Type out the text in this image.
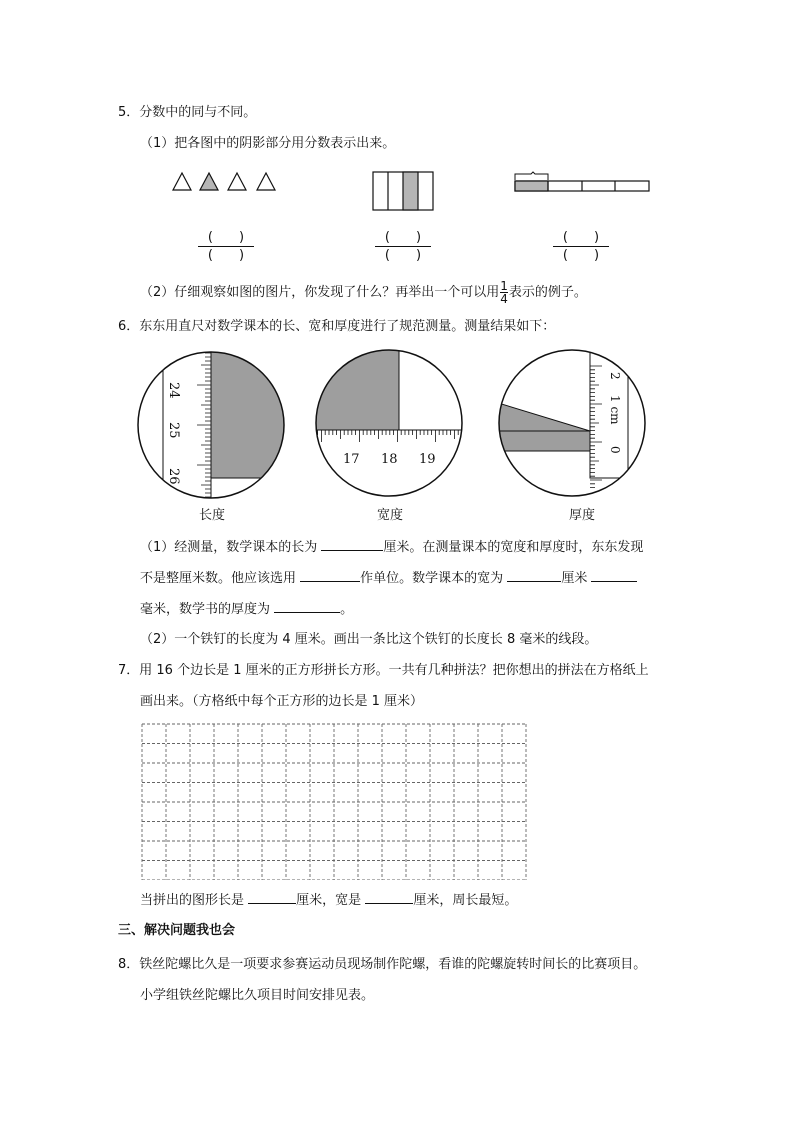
5．分数中的同与不同。
（1）把各图中的阴影部分用分数表示出来。
(　　)
(　　)
(　　)
(　　)
(　　)
(　　)
（2）仔细观察如图的图片，你发现了什么？再举出一个可以用 $\frac{1}{4}$ 表示的例子。
6．东东用直尺对数学课本的长、宽和厚度进行了规范测量。测量结果如下：
24
25
26
17 18 19
2
1 cm
0
长度	宽度	厚度
（1）经测量，数学课本的长为	厘米。在测量课本的宽度和厚度时，东东发现
不是整厘米数。他应该选用	作单位。数学课本的宽为	厘米
毫米，数学书的厚度为	。
（2）一个铁钉的长度为 4 厘米。画出一条比这个铁钉的长度长 8 毫米的线段。
7．用 16 个边长是 1 厘米的正方形拼长方形。一共有几种拼法？把你想出的拼法在方格纸上
画出来。（方格纸中每个正方形的边长是 1 厘米）
当拼出的图形长是	厘米，宽是	厘米，周长最短。
三、解决问题我也会
8．铁丝陀螺比久是一项要求参赛运动员现场制作陀螺，看谁的陀螺旋转时间长的比赛项目。
小学组铁丝陀螺比久项目时间安排见表。
